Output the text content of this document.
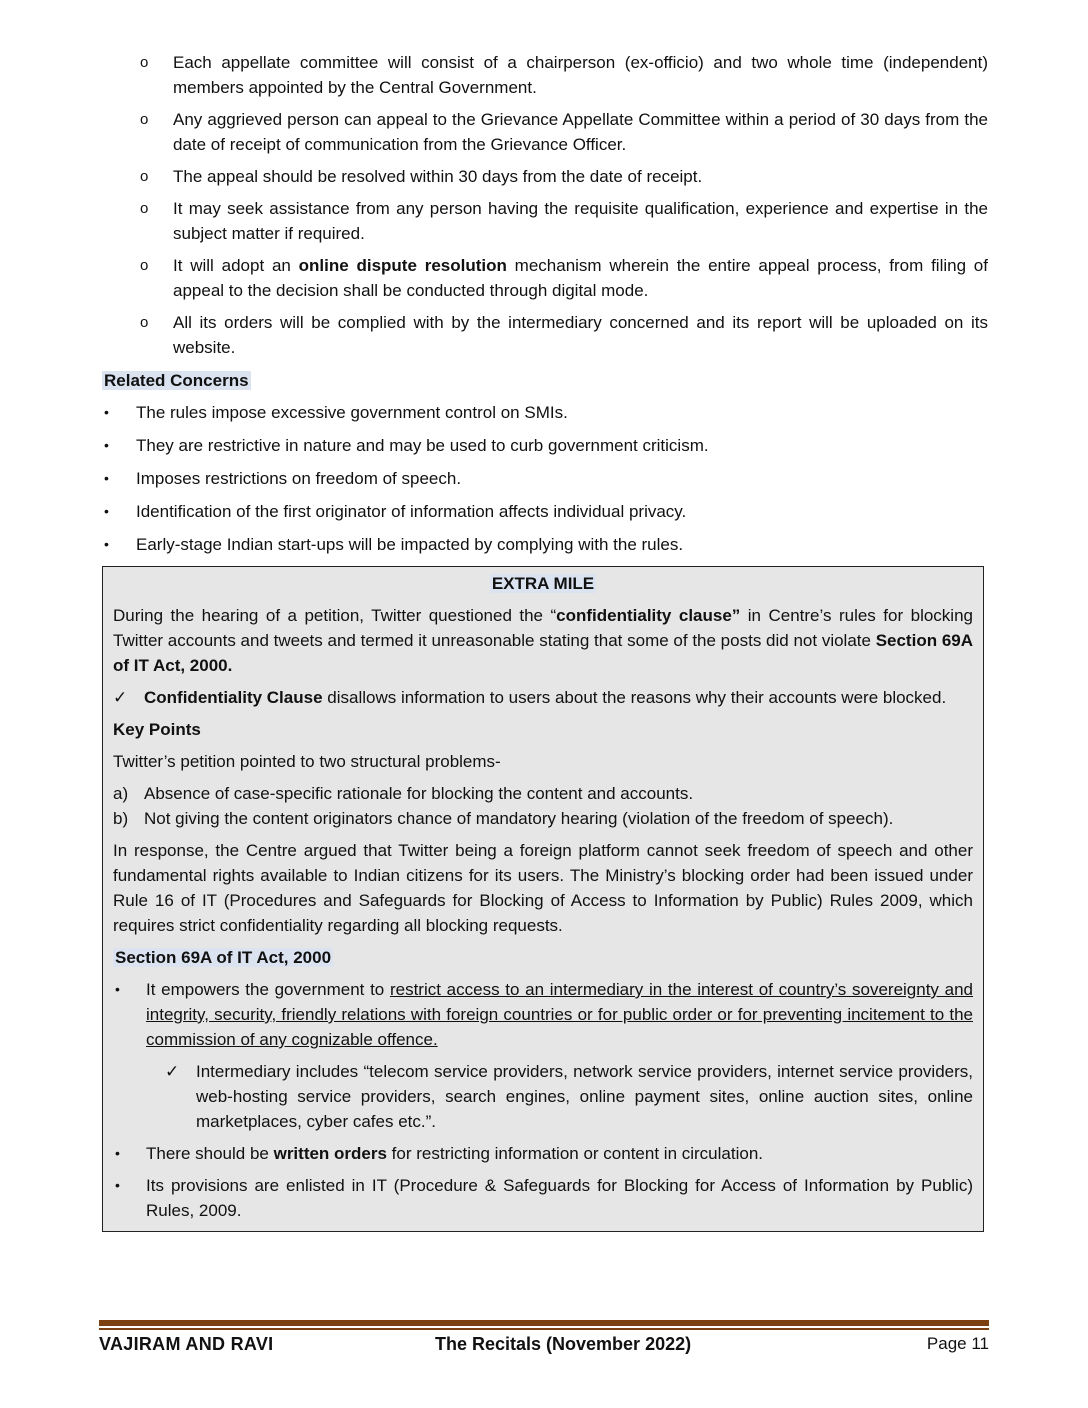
o	Each appellate committee will consist of a chairperson (ex-officio) and two whole time (independent) members appointed by the Central Government.
o	Any aggrieved person can appeal to the Grievance Appellate Committee within a period of 30 days from the date of receipt of communication from the Grievance Officer.
o	The appeal should be resolved within 30 days from the date of receipt.
o	It may seek assistance from any person having the requisite qualification, experience and expertise in the subject matter if required.
o	It will adopt an online dispute resolution mechanism wherein the entire appeal process, from filing of appeal to the decision shall be conducted through digital mode.
o	All its orders will be complied with by the intermediary concerned and its report will be uploaded on its website.
Related Concerns
•	The rules impose excessive government control on SMIs.
•	They are restrictive in nature and may be used to curb government criticism.
•	Imposes restrictions on freedom of speech.
•	Identification of the first originator of information affects individual privacy.
•	Early-stage Indian start-ups will be impacted by complying with the rules.
EXTRA MILE
During the hearing of a petition, Twitter questioned the “confidentiality clause” in Centre’s rules for blocking Twitter accounts and tweets and termed it unreasonable stating that some of the posts did not violate Section 69A of IT Act, 2000.
✓ Confidentiality Clause disallows information to users about the reasons why their accounts were blocked.
Key Points
Twitter’s petition pointed to two structural problems-
a) Absence of case-specific rationale for blocking the content and accounts.
b) Not giving the content originators chance of mandatory hearing (violation of the freedom of speech).
In response, the Centre argued that Twitter being a foreign platform cannot seek freedom of speech and other fundamental rights available to Indian citizens for its users. The Ministry’s blocking order had been issued under Rule 16 of IT (Procedures and Safeguards for Blocking of Access to Information by Public) Rules 2009, which requires strict confidentiality regarding all blocking requests.
Section 69A of IT Act, 2000
•	It empowers the government to restrict access to an intermediary in the interest of country’s sovereignty and integrity, security, friendly relations with foreign countries or for public order or for preventing incitement to the commission of any cognizable offence.
✓ Intermediary includes “telecom service providers, network service providers, internet service providers, web-hosting service providers, search engines, online payment sites, online auction sites, online marketplaces, cyber cafes etc.”.
•	There should be written orders for restricting information or content in circulation.
•	Its provisions are enlisted in IT (Procedure & Safeguards for Blocking for Access of Information by Public) Rules, 2009.
VAJIRAM AND RAVI	The Recitals (November 2022)	Page 11
